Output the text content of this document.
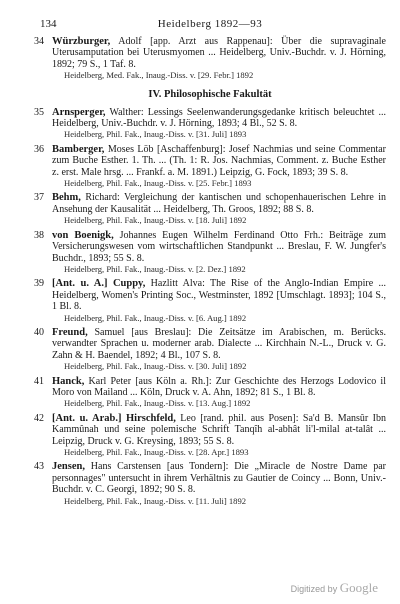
134	Heidelberg 1892—93
34 Würzburger, Adolf [app. Arzt aus Rappenau]: Über die supravaginale Uterusamputation bei Uterusmyomen ... Heidelberg, Univ.-Buchdr. v. J. Hörning, 1892; 79 S., 1 Taf. 8.
Heidelberg, Med. Fak., Inaug.-Diss. v. [29. Febr.] 1892
IV. Philosophische Fakultät
35 Arnsperger, Walther: Lessings Seelenwanderungsgedanke kritisch beleuchtet ... Heidelberg, Univ.-Buchdr. v. J. Hörning, 1893; 4 Bl., 52 S. 8.
Heidelberg, Phil. Fak., Inaug.-Diss. v. [31. Juli] 1893
36 Bamberger, Moses Löb [Aschaffenburg]: Josef Nachmias und seine Commentar zum Buche Esther. 1. Th. ... (Th. 1: R. Jos. Nachmias, Comment. z. Buche Esther z. erst. Male hrsg. ... Frankf. a. M. 1891.) Leipzig, G. Fock, 1893; 39 S. 8.
Heidelberg, Phil. Fak., Inaug.-Diss. v. [25. Febr.] 1893
37 Behm, Richard: Vergleichung der kantischen und schopenhauerischen Lehre in Ansehung der Kausalität ... Heidelberg, Th. Groos, 1892; 88 S. 8.
Heidelberg, Phil. Fak., Inaug.-Diss. v. [18. Juli] 1892
38 von Boenigk, Johannes Eugen Wilhelm Ferdinand Otto Frh.: Beiträge zum Versicherungswesen vom wirtschaftlichen Standpunkt ... Breslau, F. W. Jungfer's Buchdr., 1893; 55 S. 8.
Heidelberg, Phil. Fak., Inaug.-Diss. v. [2. Dez.] 1892
39 [Ant. u. A.] Cuppy, Hazlitt Alva: The Rise of the Anglo-Indian Empire ... Heidelberg, Women's Printing Soc., Westminster, 1892 [Umschlagt. 1893]; 104 S., 1 Bl. 8.
Heidelberg, Phil. Fak., Inaug.-Diss. v. [6. Aug.] 1892
40 Freund, Samuel [aus Breslau]: Die Zeitsätze im Arabischen, m. Berücks. verwandter Sprachen u. moderner arab. Dialecte ... Kirchhain N.-L., Druck v. G. Zahn & H. Baendel, 1892; 4 Bl., 107 S. 8.
Heidelberg, Phil. Fak., Inaug.-Diss. v. [30. Juli] 1892
41 Hanck, Karl Peter [aus Köln a. Rh.]: Zur Geschichte des Herzogs Lodovico il Moro von Mailand ... Köln, Druck v. A. Ahn, 1892; 81 S., 1 Bl. 8.
Heidelberg, Phil. Fak., Inaug.-Diss. v. [13. Aug.] 1892
42 [Ant. u. Arab.] Hirschfeld, Leo [rand. phil. aus Posen]: Sa'd B. Mansûr Ibn Kammûnah und seine polemische Schrift Tanqîh al-abhât li'l-milal at-talât ... Leipzig, Druck v. G. Kreysing, 1893; 55 S. 8.
Heidelberg, Phil. Fak., Inaug.-Diss. v. [28. Apr.] 1893
43 Jensen, Hans Carstensen [aus Tondern]: Die „Miracle de Nostre Dame par personnages" untersucht in ihrem Verhältnis zu Gautier de Coincy ... Bonn, Univ.-Buchdr. v. C. Georgi, 1892; 90 S. 8.
Heidelberg, Phil. Fak., Inaug.-Diss. v. [11. Juli] 1892
Digitized by Google
